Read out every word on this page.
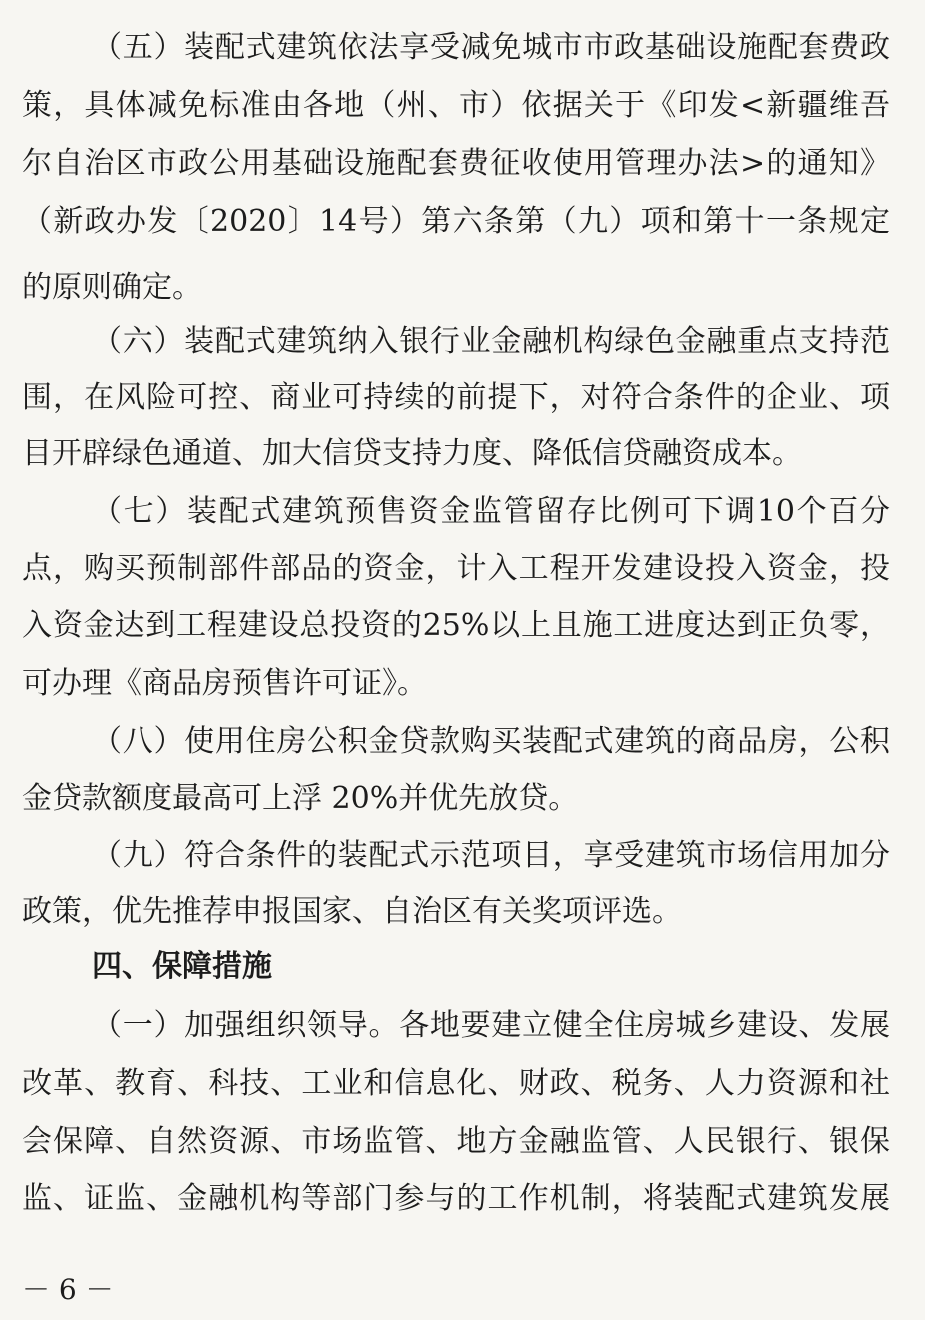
（五）装配式建筑依法享受减免城市市政基础设施配套费政
策，具体减免标准由各地（州、市）依据关于《印发<新疆维吾
尔自治区市政公用基础设施配套费征收使用管理办法>的通知》
（新政办发〔2020〕14号）第六条第（九）项和第十一条规定
的原则确定。
（六）装配式建筑纳入银行业金融机构绿色金融重点支持范
围，在风险可控、商业可持续的前提下，对符合条件的企业、项
目开辟绿色通道、加大信贷支持力度、降低信贷融资成本。
（七）装配式建筑预售资金监管留存比例可下调10个百分
点，购买预制部件部品的资金，计入工程开发建设投入资金，投
入资金达到工程建设总投资的25%以上且施工进度达到正负零，
可办理《商品房预售许可证》。
（八）使用住房公积金贷款购买装配式建筑的商品房，公积
金贷款额度最高可上浮 20%并优先放贷。
（九）符合条件的装配式示范项目，享受建筑市场信用加分
政策，优先推荐申报国家、自治区有关奖项评选。
四、保障措施
（一）加强组织领导。各地要建立健全住房城乡建设、发展
改革、教育、科技、工业和信息化、财政、税务、人力资源和社
会保障、自然资源、市场监管、地方金融监管、人民银行、银保
监、证监、金融机构等部门参与的工作机制，将装配式建筑发展
－ 6 －
